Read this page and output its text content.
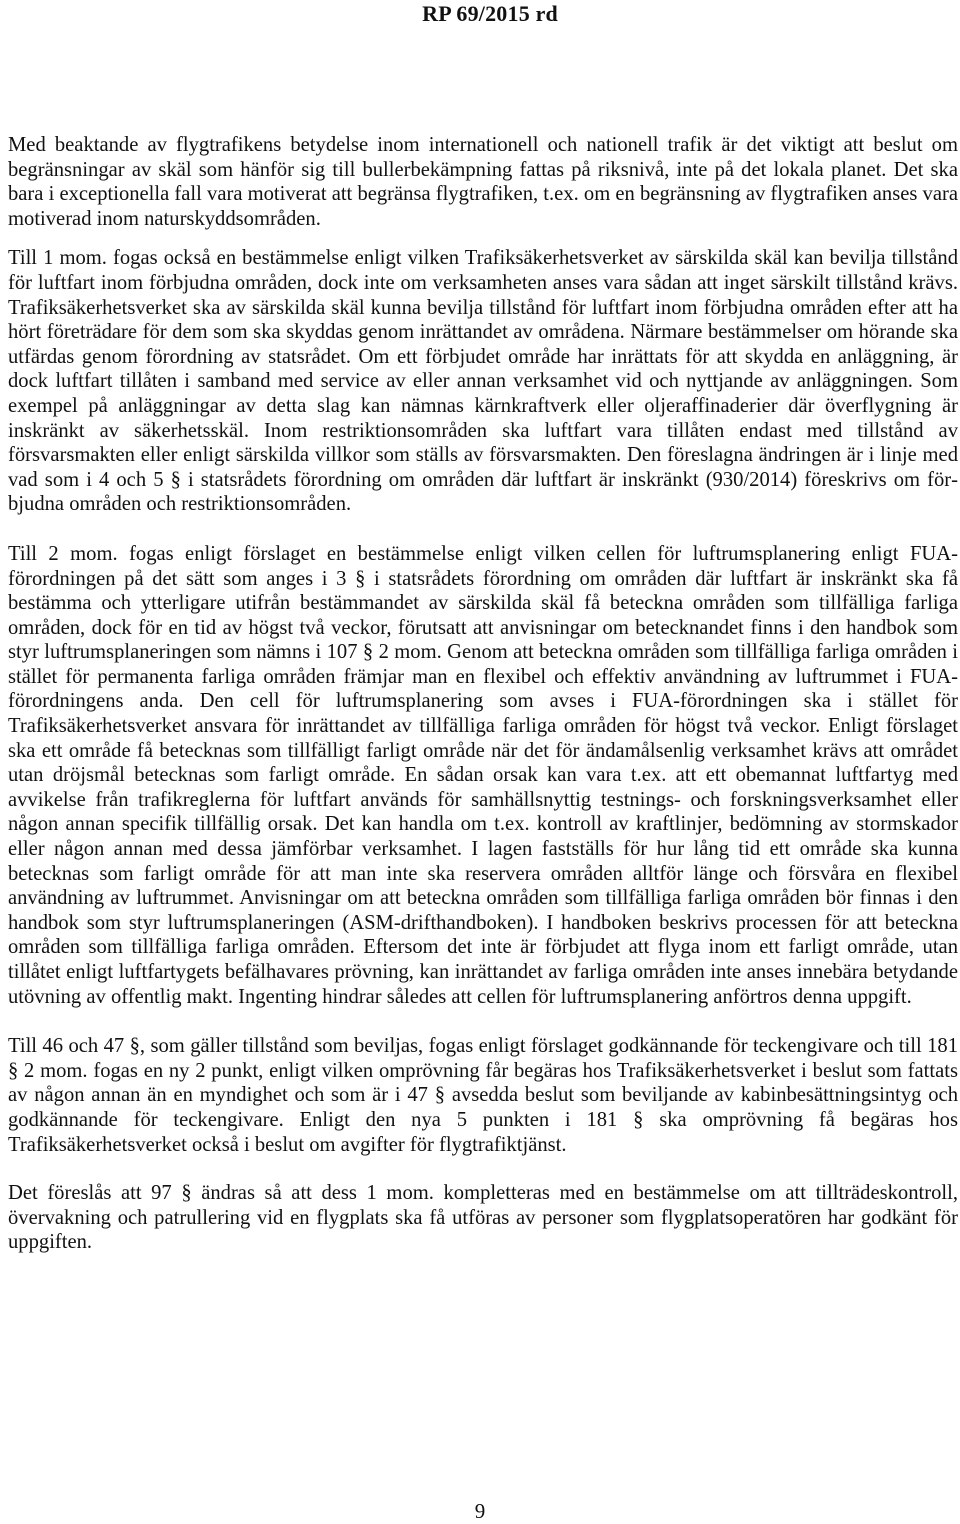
RP 69/2015 rd

Med beaktande av flygtrafikens betydelse inom internationell och nationell trafik är det viktigt att beslut om begränsningar av skäl som hänför sig till bullerbekämpning fattas på riksnivå, inte på det lokala planet. Det ska bara i exceptionella fall vara motiverat att begränsa flygtrafiken, t.ex. om en begränsning av flygtrafiken anses vara motiverad inom naturskyddsområden.

Till 1 mom. fogas också en bestämmelse enligt vilken Trafiksäkerhetsverket av särskilda skäl kan bevilja tillstånd för luftfart inom förbjudna områden, dock inte om verksamheten anses vara sådan att inget särskilt tillstånd krävs. Trafiksäkerhetsverket ska av särskilda skäl kunna bevilja tillstånd för luftfart inom förbjudna områden efter att ha hört företrädare för dem som ska skyddas genom inrättandet av områdena. Närmare bestämmelser om hörande ska utfärdas genom förordning av statsrådet. Om ett förbjudet område har inrättats för att skydda en anläggning, är dock luftfart tillåten i samband med service av eller annan verksamhet vid och nyttjande av anläggningen. Som exempel på anläggningar av detta slag kan nämnas kärnkraftverk eller oljeraffinaderier där överflygning är inskränkt av säkerhetsskäl. Inom restriktionsområden ska luftfart vara tillåten endast med tillstånd av försvarsmakten eller enligt särskilda villkor som ställs av försvarsmakten. Den föreslagna ändringen är i linje med vad som i 4 och 5 § i statsrådets förordning om områden där luftfart är inskränkt (930/2014) föreskrivs om förbjudna områden och restriktionsområden.

Till 2 mom. fogas enligt förslaget en bestämmelse enligt vilken cellen för luftrumsplanering enligt FUA-förordningen på det sätt som anges i 3 § i statsrådets förordning om områden där luftfart är inskränkt ska få bestämma och ytterligare utifrån bestämmandet av särskilda skäl få beteckna områden som tillfälliga farliga områden, dock för en tid av högst två veckor, förutsatt att anvisningar om betecknandet finns i den handbok som styr luftrumsplaneringen som nämns i 107 § 2 mom. Genom att beteckna områden som tillfälliga farliga områden i stället för permanenta farliga områden främjar man en flexibel och effektiv användning av luftrummet i FUA-förordningens anda. Den cell för luftrumsplanering som avses i FUA-förordningen ska i stället för Trafiksäkerhetsverket ansvara för inrättandet av tillfälliga farliga områden för högst två veckor. Enligt förslaget ska ett område få betecknas som tillfälligt farligt område när det för ändamålsenlig verksamhet krävs att området utan dröjsmål betecknas som farligt område. En sådan orsak kan vara t.ex. att ett obemannat luftfartyg med avvikelse från trafikreglerna för luftfart används för samhällsnyttig testnings- och forskningsverksamhet eller någon annan specifik tillfällig orsak. Det kan handla om t.ex. kontroll av kraftlinjer, bedömning av stormskador eller någon annan med dessa jämförbar verksamhet. I lagen fastställs för hur lång tid ett område ska kunna betecknas som farligt område för att man inte ska reservera områden alltför länge och försvåra en flexibel användning av luftrummet. Anvisningar om att beteckna områden som tillfälliga farliga områden bör finnas i den handbok som styr luftrumsplaneringen (ASM-drifthandboken). I handboken beskrivs processen för att beteckna områden som tillfälliga farliga områden. Eftersom det inte är förbjudet att flyga inom ett farligt område, utan tillåtet enligt luftfartygets befälhavares prövning, kan inrättandet av farliga områden inte anses innebära betydande utövning av offentlig makt. Ingenting hindrar således att cellen för luftrumsplanering anförtros denna uppgift.

Till 46 och 47 §, som gäller tillstånd som beviljas, fogas enligt förslaget godkännande för teckengivare och till 181 § 2 mom. fogas en ny 2 punkt, enligt vilken omprövning får begäras hos Trafiksäkerhetsverket i beslut som fattats av någon annan än en myndighet och som är i 47 § avsedda beslut som beviljande av kabinbesättningsintyg och godkännande för teckengivare. Enligt den nya 5 punkten i 181 § ska omprövning få begäras hos Trafiksäkerhetsverket också i beslut om avgifter för flygtrafiktjänst.

Det föreslås att 97 § ändras så att dess 1 mom. kompletteras med en bestämmelse om att tillträdeskontroll, övervakning och patrullering vid en flygplats ska få utföras av personer som flygplatsoperatören har godkänt för uppgiften.

9
